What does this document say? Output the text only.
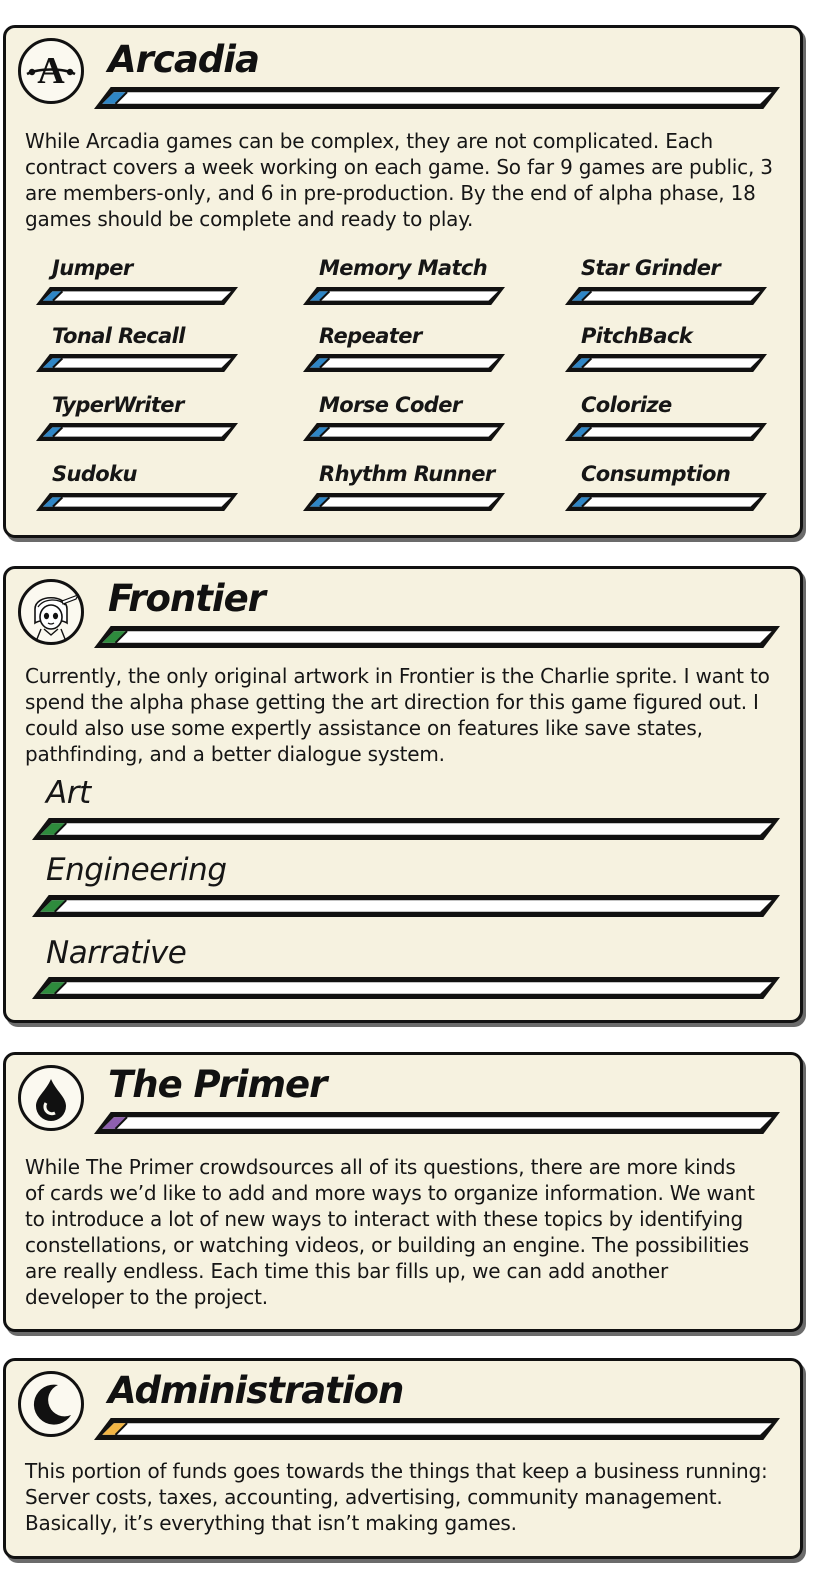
A Arcadia

While Arcadia games can be complex, they are not complicated. Each contract covers a week working on each game. So far 9 games are public, 3 are members-only, and 6 in pre-production. By the end of alpha phase, 18 games should be complete and ready to play.

Jumper	Memory Match	Star Grinder
Tonal Recall	Repeater	PitchBack
TyperWriter	Morse Coder	Colorize
Sudoku	Rhythm Runner	Consumption
Frontier

Currently, the only original artwork in Frontier is the Charlie sprite. I want to spend the alpha phase getting the art direction for this game figured out. I could also use some expertly assistance on features like save states, pathfinding, and a better dialogue system.

Art
Engineering
Narrative
The Primer

While The Primer crowdsources all of its questions, there are more kinds of cards we’d like to add and more ways to organize information. We want to introduce a lot of new ways to interact with these topics by identifying constellations, or watching videos, or building an engine. The possibilities are really endless. Each time this bar fills up, we can add another developer to the project.

Administration

This portion of funds goes towards the things that keep a business running: Server costs, taxes, accounting, advertising, community management. Basically, it’s everything that isn’t making games.
